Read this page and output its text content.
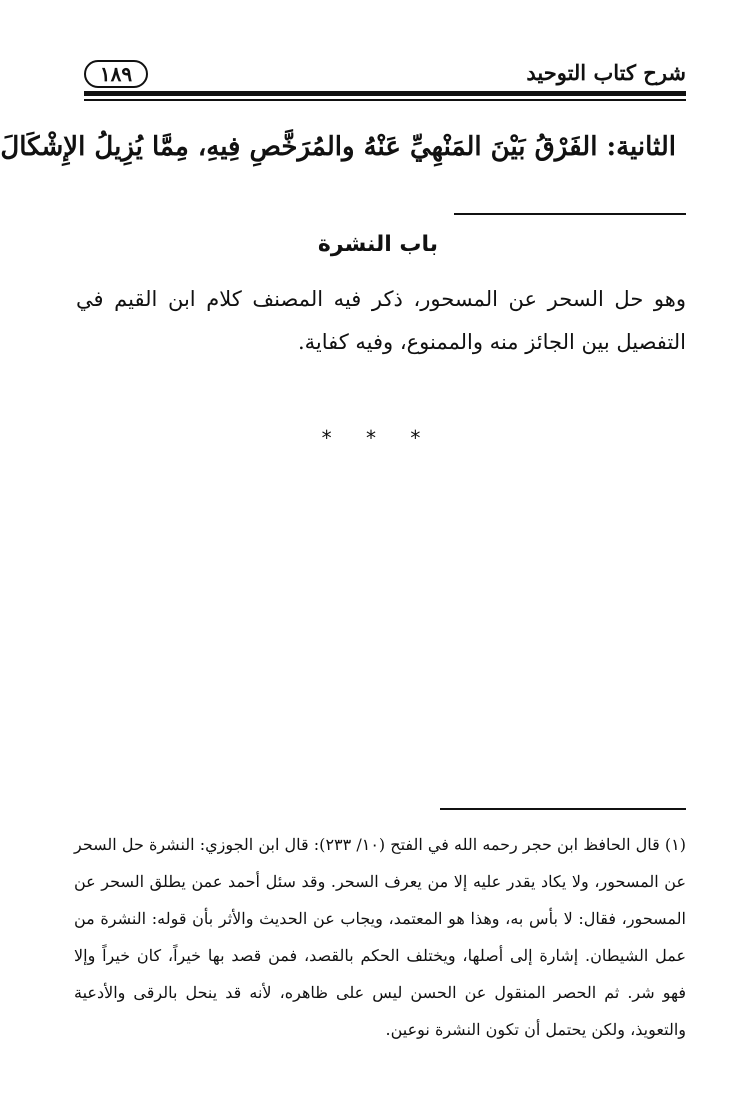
شرح كتاب التوحيد
١٨٩
الثانية: الفَرْقُ بَيْنَ المَنْهِيِّ عَنْهُ والمُرَخَّصِ فِيهِ، مِمَّا يُزِيلُ الإِشْكَالَ
باب النشرة
وهو حل السحر عن المسحور، ذكر فيه المصنف كلام ابن القيم في التفصيل بين الجائز منه والممنوع، وفيه كفاية.
* * *
(١) قال الحافظ ابن حجر رحمه الله في الفتح (١٠/ ٢٣٣): قال ابن الجوزي: النشرة حل السحر عن المسحور، ولا يكاد يقدر عليه إلا من يعرف السحر. وقد سئل أحمد عمن يطلق السحر عن المسحور، فقال: لا بأس به، وهذا هو المعتمد، ويجاب عن الحديث والأثر بأن قوله: النشرة من عمل الشيطان. إشارة إلى أصلها، ويختلف الحكم بالقصد، فمن قصد بها خيراً، كان خيراً وإلا فهو شر. ثم الحصر المنقول عن الحسن ليس على ظاهره، لأنه قد ينحل بالرقى والأدعية والتعويذ، ولكن يحتمل أن تكون النشرة نوعين.
